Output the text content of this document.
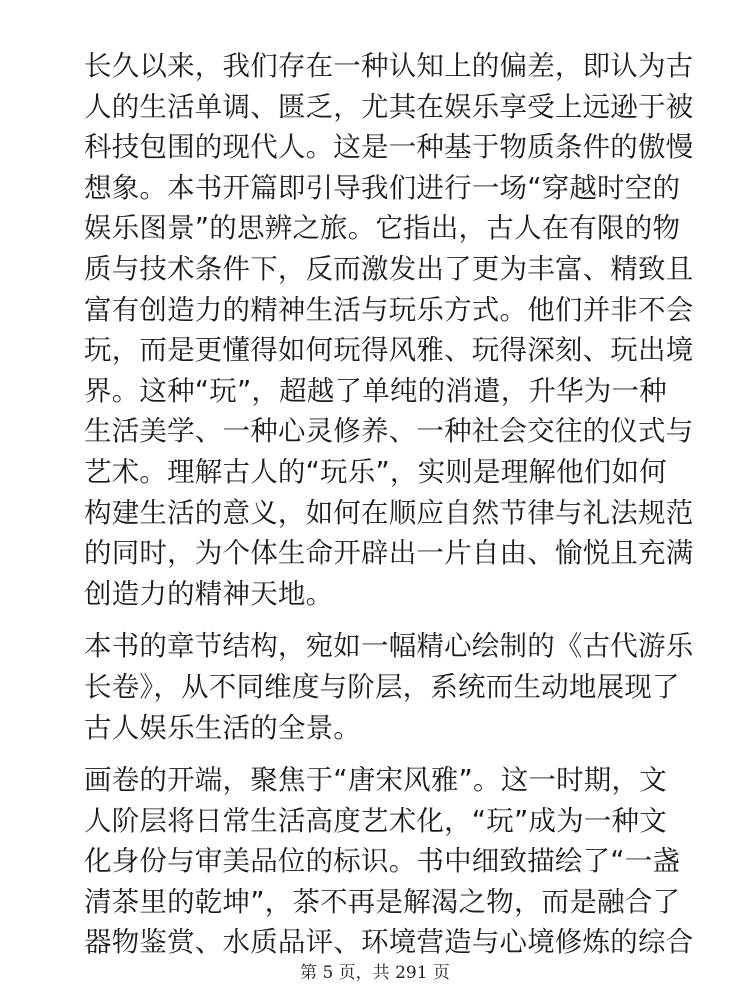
长久以来，我们存在一种认知上的偏差，即认为古
人的生活单调、匮乏，尤其在娱乐享受上远逊于被
科技包围的现代人。这是一种基于物质条件的傲慢
想象。本书开篇即引导我们进行一场“穿越时空的
娱乐图景”的思辨之旅。它指出，古人在有限的物
质与技术条件下，反而激发出了更为丰富、精致且
富有创造力的精神生活与玩乐方式。他们并非不会
玩，而是更懂得如何玩得风雅、玩得深刻、玩出境
界。这种“玩”，超越了单纯的消遣，升华为一种
生活美学、一种心灵修养、一种社会交往的仪式与
艺术。理解古人的“玩乐”，实则是理解他们如何
构建生活的意义，如何在顺应自然节律与礼法规范
的同时，为个体生命开辟出一片自由、愉悦且充满
创造力的精神天地。

本书的章节结构，宛如一幅精心绘制的《古代游乐
长卷》，从不同维度与阶层，系统而生动地展现了
古人娱乐生活的全景。

画卷的开端，聚焦于“唐宋风雅”。这一时期，文
人阶层将日常生活高度艺术化，“玩”成为一种文
化身份与审美品位的标识。书中细致描绘了“一盏
清茶里的乾坤”，茶不再是解渴之物，而是融合了
器物鉴赏、水质品评、环境营造与心境修炼的综合

第 5 页，共 291 页
